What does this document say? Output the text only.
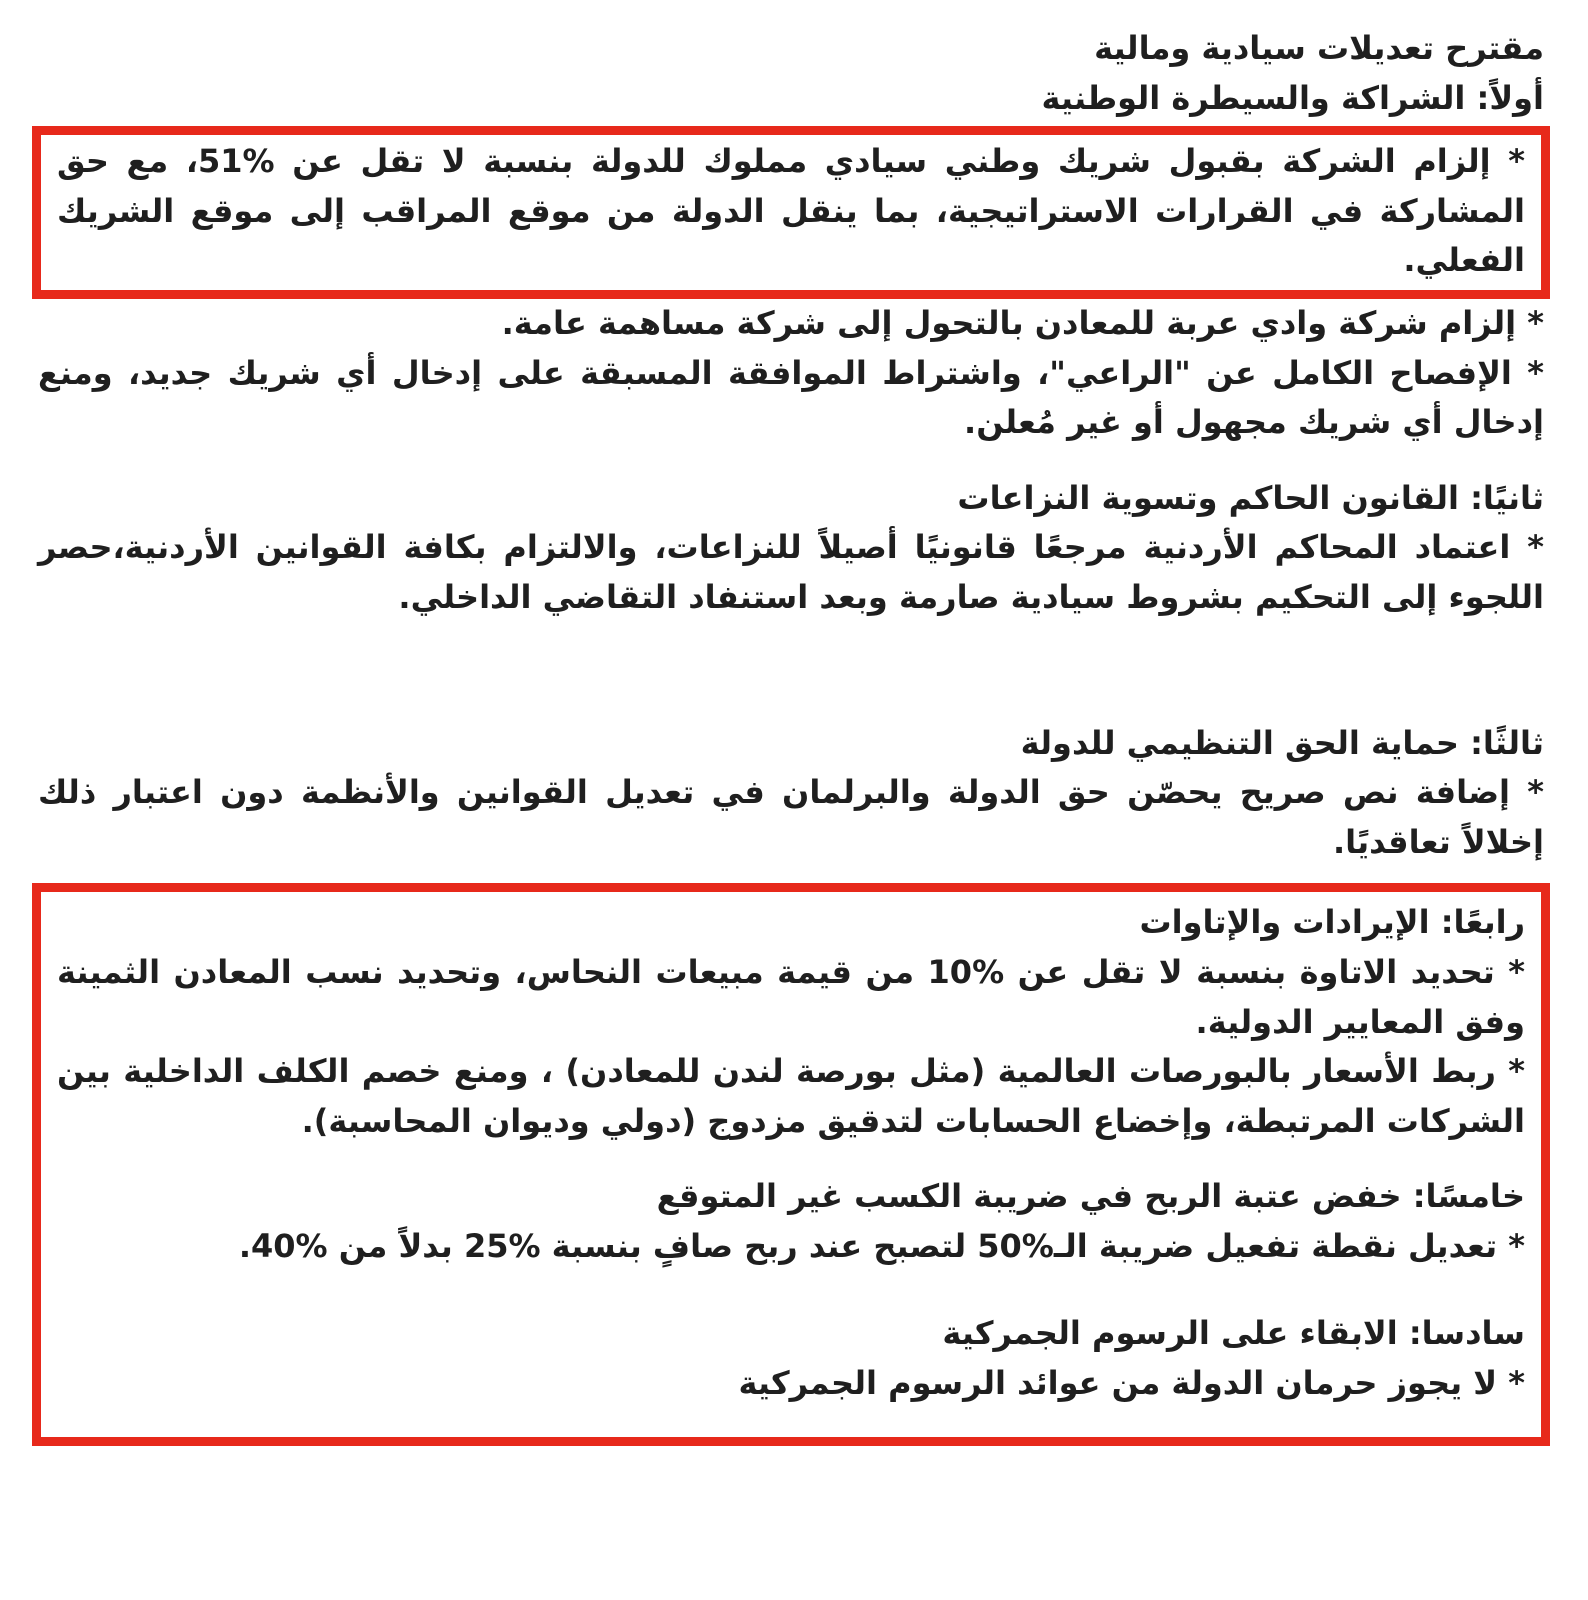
مقترح تعديلات سيادية ومالية
أولاً: الشراكة والسيطرة الوطنية

* إلزام الشركة بقبول شريك وطني سيادي مملوك للدولة بنسبة لا تقل عن %51، مع حق المشاركة في القرارات الاستراتيجية، بما ينقل الدولة من موقع المراقب إلى موقع الشريك الفعلي.

* إلزام شركة وادي عربة للمعادن بالتحول إلى شركة مساهمة عامة.

* الإفصاح الكامل عن "الراعي"، واشتراط الموافقة المسبقة على إدخال أي شريك جديد، ومنع إدخال أي شريك مجهول أو غير مُعلن.

ثانيًا: القانون الحاكم وتسوية النزاعات

* اعتماد المحاكم الأردنية مرجعًا قانونيًا أصيلاً للنزاعات، والالتزام بكافة القوانين الأردنية،حصر اللجوء إلى التحكيم بشروط سيادية صارمة وبعد استنفاد التقاضي الداخلي.

ثالثًا: حماية الحق التنظيمي للدولة

* إضافة نص صريح يحصّن حق الدولة والبرلمان في تعديل القوانين والأنظمة دون اعتبار ذلك إخلالاً تعاقديًا.

رابعًا: الإيرادات والإتاوات

* تحديد الاتاوة بنسبة لا تقل عن %10 من قيمة مبيعات النحاس، وتحديد نسب المعادن الثمينة وفق المعايير الدولية.

* ربط الأسعار بالبورصات العالمية (مثل بورصة لندن للمعادن) ، ومنع خصم الكلف الداخلية بين الشركات المرتبطة، وإخضاع الحسابات لتدقيق مزدوج (دولي وديوان المحاسبة).

خامسًا: خفض عتبة الربح في ضريبة الكسب غير المتوقع

* تعديل نقطة تفعيل ضريبة الـ%50 لتصبح عند ربح صافٍ بنسبة %25 بدلاً من %40.

سادسا: الابقاء على الرسوم الجمركية

* لا يجوز حرمان الدولة من عوائد الرسوم الجمركية
